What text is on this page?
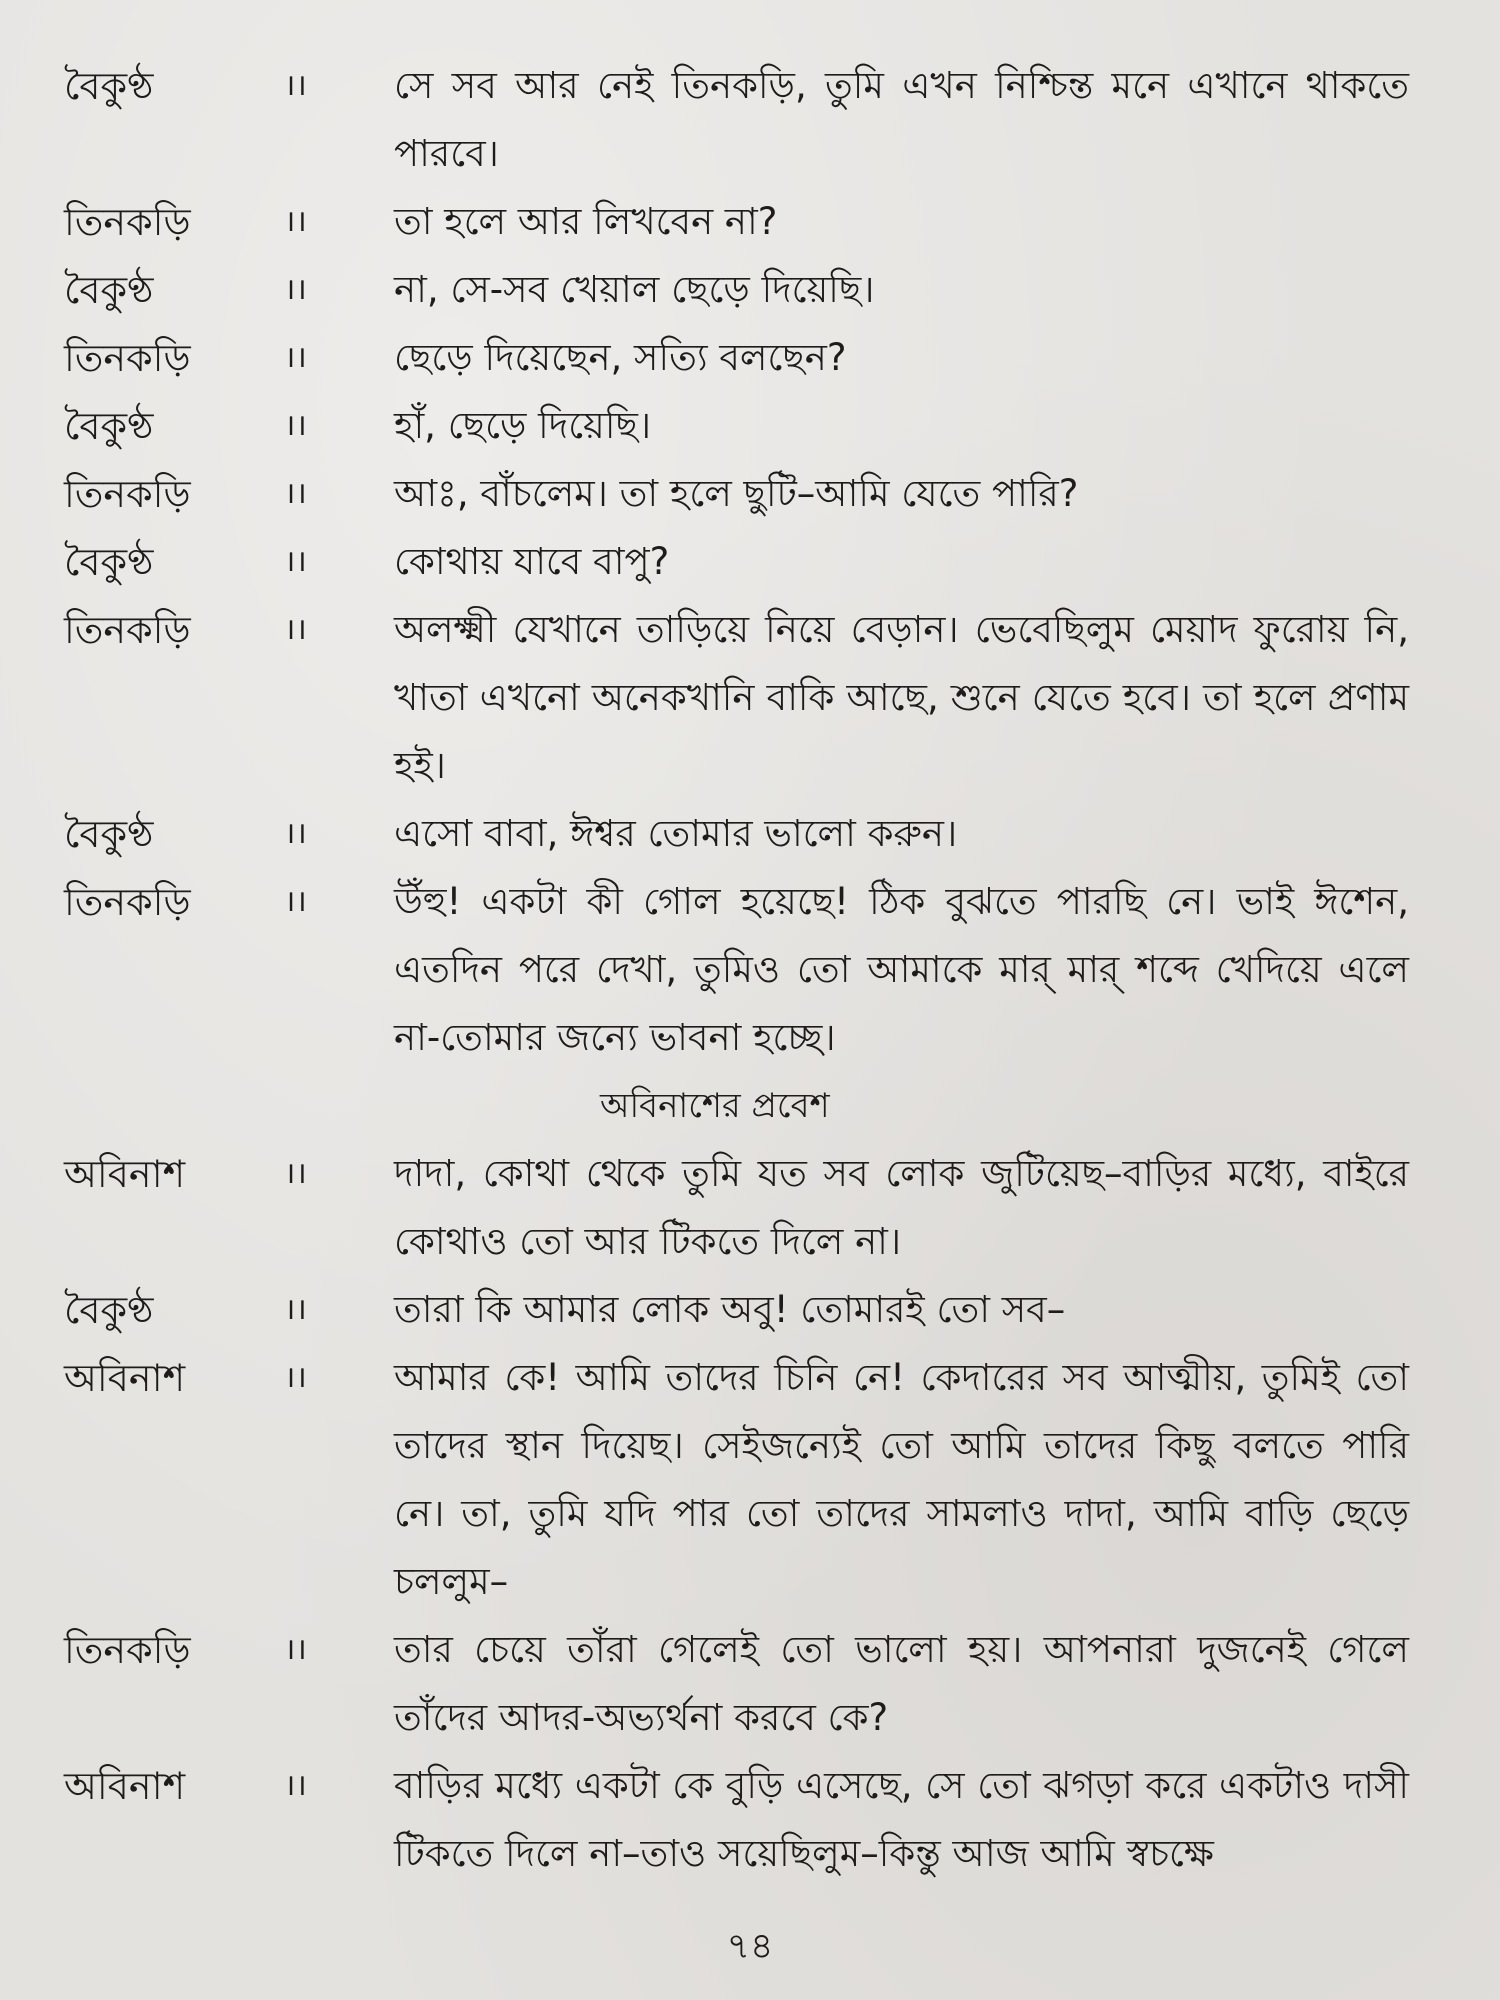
বৈকুণ্ঠ	।।	সে সব আর নেই তিনকড়ি, তুমি এখন নিশ্চিন্ত মনে এখানে থাকতে পারবে।
তিনকড়ি	।।	তা হলে আর লিখবেন না?
বৈকুণ্ঠ	।।	না, সে-সব খেয়াল ছেড়ে দিয়েছি।
তিনকড়ি	।।	ছেড়ে দিয়েছেন, সত্যি বলছেন?
বৈকুণ্ঠ	।।	হাঁ, ছেড়ে দিয়েছি।
তিনকড়ি	।।	আঃ, বাঁচলেম। তা হলে ছুটি–আমি যেতে পারি?
বৈকুণ্ঠ	।।	কোথায় যাবে বাপু?
তিনকড়ি	।।	অলক্ষ্মী যেখানে তাড়িয়ে নিয়ে বেড়ান। ভেবেছিলুম মেয়াদ ফুরোয় নি, খাতা এখনো অনেকখানি বাকি আছে, শুনে যেতে হবে। তা হলে প্রণাম হই।
বৈকুণ্ঠ	।।	এসো বাবা, ঈশ্বর তোমার ভালো করুন।
তিনকড়ি	।।	উঁহু! একটা কী গোল হয়েছে! ঠিক বুঝতে পারছি নে। ভাই ঈশেন, এতদিন পরে দেখা, তুমিও তো আমাকে মার্ মার্ শব্দে খেদিয়ে এলে না-তোমার জন্যে ভাবনা হচ্ছে।
অবিনাশের প্রবেশ
অবিনাশ	।।	দাদা, কোথা থেকে তুমি যত সব লোক জুটিয়েছ–বাড়ির মধ্যে, বাইরে কোথাও তো আর টিকতে দিলে না।
বৈকুণ্ঠ	।।	তারা কি আমার লোক অবু! তোমারই তো সব–
অবিনাশ	।।	আমার কে! আমি তাদের চিনি নে! কেদারের সব আত্মীয়, তুমিই তো তাদের স্থান দিয়েছ। সেইজন্যেই তো আমি তাদের কিছু বলতে পারি নে। তা, তুমি যদি পার তো তাদের সামলাও দাদা, আমি বাড়ি ছেড়ে চললুম–
তিনকড়ি	।।	তার চেয়ে তাঁরা গেলেই তো ভালো হয়। আপনারা দুজনেই গেলে তাঁদের আদর-অভ্যর্থনা করবে কে?
অবিনাশ	।।	বাড়ির মধ্যে একটা কে বুড়ি এসেছে, সে তো ঝগড়া করে একটাও দাসী টিকতে দিলে না–তাও সয়েছিলুম–কিন্তু আজ আমি স্বচক্ষে
৭৪
